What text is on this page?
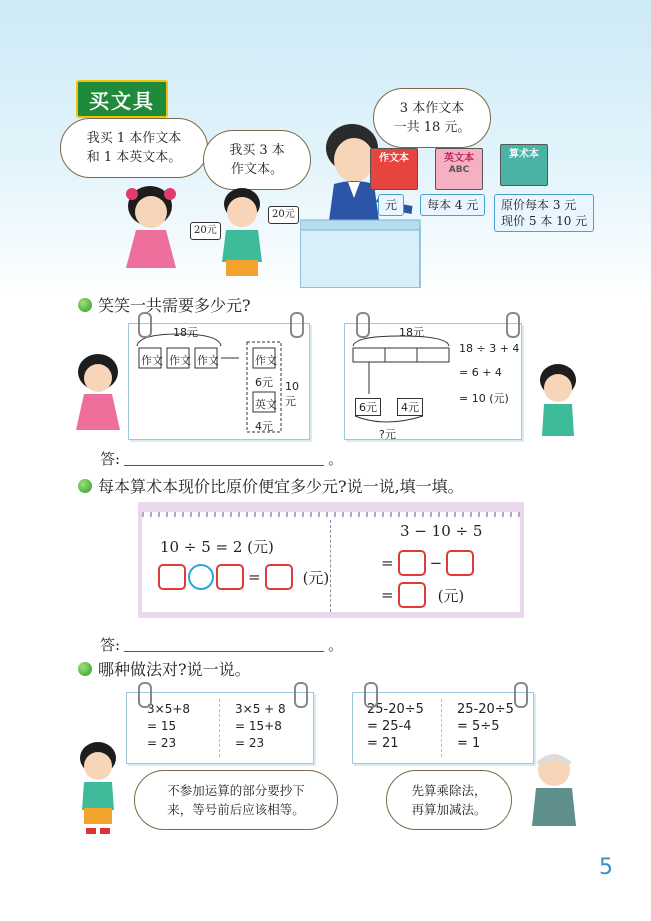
买文具
我买 1 本作文本
和 1 本英文本。	我买 3 本
作文本。
3 本作文本
一共 18 元。
作文本	英文本
ABC
算术本
元	每本 4 元	原价每本 3 元
现价 5 本 10 元
20元
20元
笑笑一共需要多少元?
18元
作文 作文 作文	作文
6元
英文
4元
10元
18元
6元	4元
?元
18 ÷ 3 + 4
= 6 + 4
= 10 (元)
答:	。
每本算术本现价比原价便宜多少元?说一说,填一填。
10 ÷ 5 = 2 (元)
=	(元)
3 − 10 ÷ 5
= −
=	(元)
答:	。
哪种做法对?说一说。
3×5+8
= 15
= 23
3×5 + 8
= 15+8
= 23
25-20÷5
= 25-4
= 21
25-20÷5
= 5÷5
= 1
不参加运算的部分要抄下
来，等号前后应该相等。
先算乘除法，
再算加减法。
5
